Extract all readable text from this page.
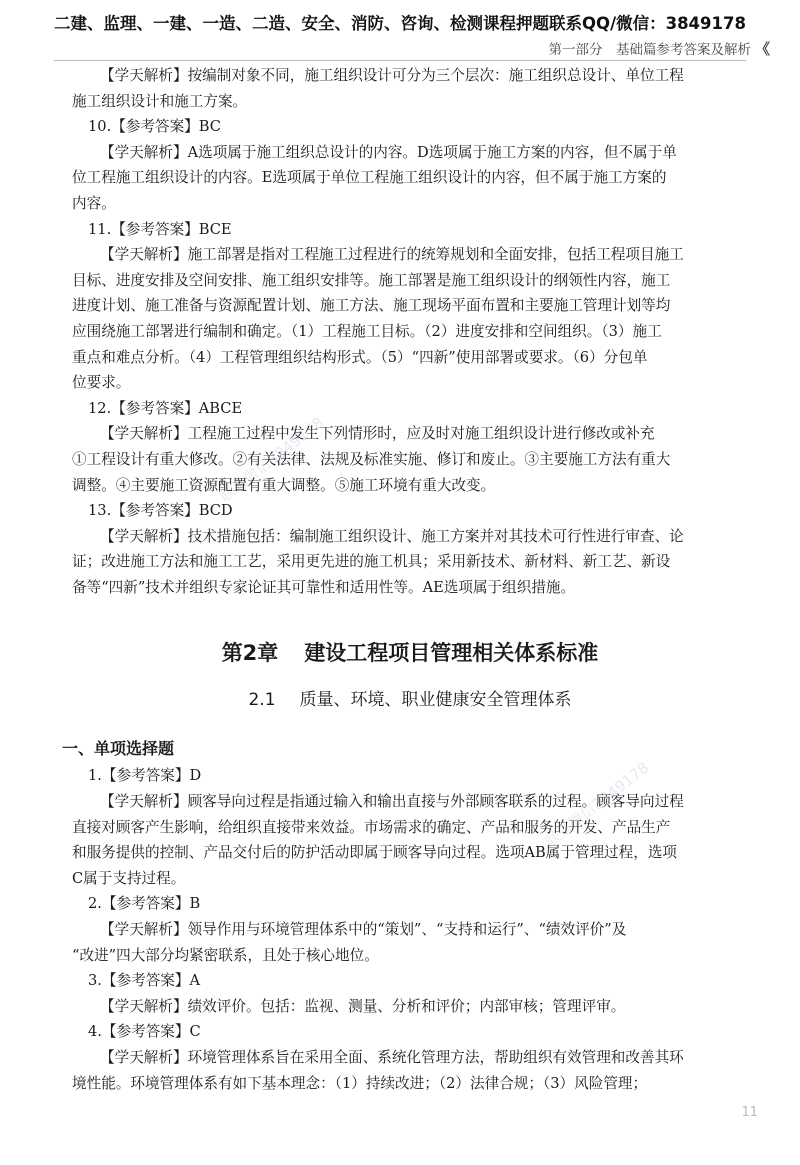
二建、监理、一建、一造、二造、安全、消防、咨询、检测课程押题联系QQ/微信：3849178
第一部分　基础篇参考答案及解析 《
【学天解析】按编制对象不同，施工组织设计可分为三个层次：施工组织总设计、单位工程
施工组织设计和施工方案。
10.【参考答案】BC
【学天解析】A选项属于施工组织总设计的内容。D选项属于施工方案的内容，但不属于单
位工程施工组织设计的内容。E选项属于单位工程施工组织设计的内容，但不属于施工方案的
内容。
11.【参考答案】BCE
【学天解析】施工部署是指对工程施工过程进行的统筹规划和全面安排，包括工程项目施工
目标、进度安排及空间安排、施工组织安排等。施工部署是施工组织设计的纲领性内容，施工
进度计划、施工准备与资源配置计划、施工方法、施工现场平面布置和主要施工管理计划等均
应围绕施工部署进行编制和确定。（1）工程施工目标。（2）进度安排和空间组织。（3）施工
重点和难点分析。（4）工程管理组织结构形式。（5）“四新”使用部署或要求。（6）分包单
位要求。
12.【参考答案】ABCE
【学天解析】工程施工过程中发生下列情形时，应及时对施工组织设计进行修改或补充
①工程设计有重大修改。②有关法律、法规及标准实施、修订和废止。③主要施工方法有重大
调整。④主要施工资源配置有重大调整。⑤施工环境有重大改变。
13.【参考答案】BCD
【学天解析】技术措施包括：编制施工组织设计、施工方案并对其技术可行性进行审查、论
证；改进施工方法和施工工艺，采用更先进的施工机具；采用新技术、新材料、新工艺、新设
备等“四新”技术并组织专家论证其可靠性和适用性等。AE选项属于组织措施。
第2章 建设工程项目管理相关体系标准
2.1 质量、环境、职业健康安全管理体系
一、单项选择题
1.【参考答案】D
【学天解析】顾客导向过程是指通过输入和输出直接与外部顾客联系的过程。顾客导向过程
直接对顾客产生影响，给组织直接带来效益。市场需求的确定、产品和服务的开发、产品生产
和服务提供的控制、产品交付后的防护活动即属于顾客导向过程。选项AB属于管理过程，选项
C属于支持过程。
2.【参考答案】B
【学天解析】领导作用与环境管理体系中的“策划”、“支持和运行”、“绩效评价”及
“改进”四大部分均紧密联系，且处于核心地位。
3.【参考答案】A
【学天解析】绩效评价。包括：监视、测量、分析和评价；内部审核；管理评审。
4.【参考答案】C
【学天解析】环境管理体系旨在采用全面、系统化管理方法，帮助组织有效管理和改善其环
境性能。环境管理体系有如下基本理念：（1）持续改进；（2）法律合规；（3）风险管理；
联系微信3849178
联系微信3849178
11
